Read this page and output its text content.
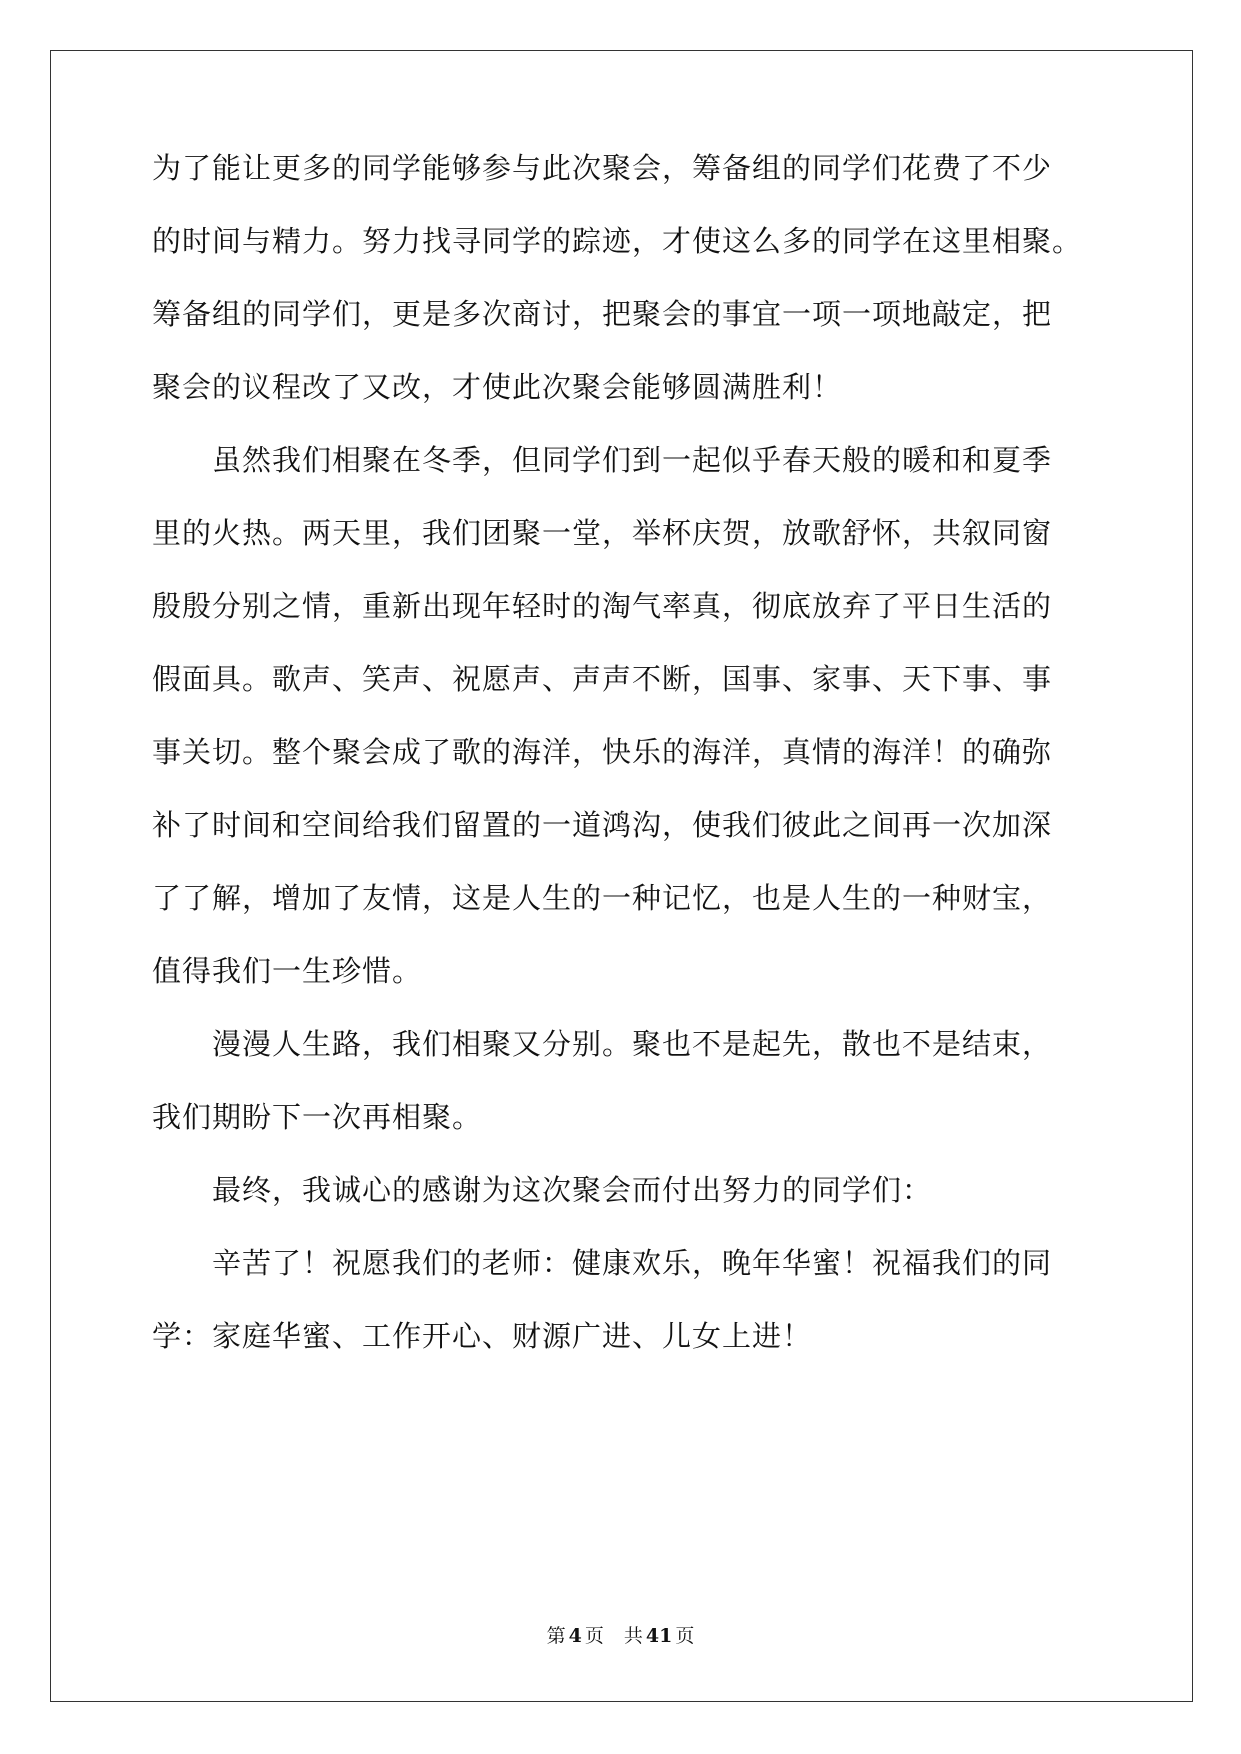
为了能让更多的同学能够参与此次聚会，筹备组的同学们花费了不少
的时间与精力。努力找寻同学的踪迹，才使这么多的同学在这里相聚。
筹备组的同学们，更是多次商讨，把聚会的事宜一项一项地敲定，把
聚会的议程改了又改，才使此次聚会能够圆满胜利！
　　虽然我们相聚在冬季，但同学们到一起似乎春天般的暖和和夏季
里的火热。两天里，我们团聚一堂，举杯庆贺，放歌舒怀，共叙同窗
殷殷分别之情，重新出现年轻时的淘气率真，彻底放弃了平日生活的
假面具。歌声、笑声、祝愿声、声声不断，国事、家事、天下事、事
事关切。整个聚会成了歌的海洋，快乐的海洋，真情的海洋！的确弥
补了时间和空间给我们留置的一道鸿沟，使我们彼此之间再一次加深
了了解，增加了友情，这是人生的一种记忆，也是人生的一种财宝，
值得我们一生珍惜。
　　漫漫人生路，我们相聚又分别。聚也不是起先，散也不是结束，
我们期盼下一次再相聚。
　　最终，我诚心的感谢为这次聚会而付出努力的同学们：
　　辛苦了！祝愿我们的老师：健康欢乐，晚年华蜜！祝福我们的同
学：家庭华蜜、工作开心、财源广进、儿女上进！
第 4 页 共 41 页
